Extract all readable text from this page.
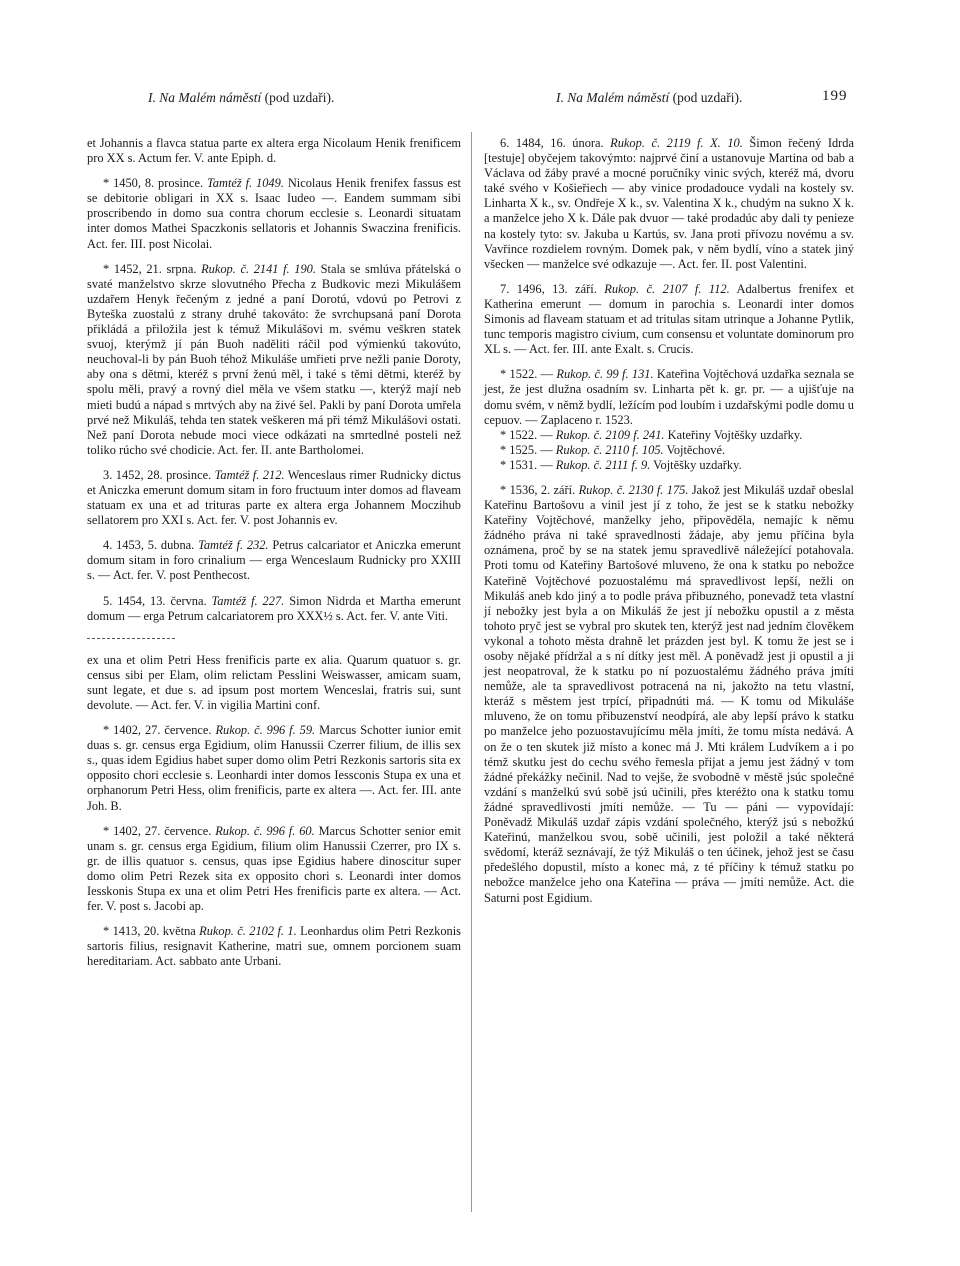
I. Na Malém náměstí (pod uzdaři).	I. Na Malém náměstí (pod uzdaři).	199

et Johannis a flavca statua parte ex altera erga Nicolaum Henik frenificem pro XX s. Actum fer. V. ante Epiph. d.

* 1450, 8. prosince. Tamtéž f. 1049. Nicolaus Henik frenifex fassus est se debitorie obligari in XX s. Isaac Iudeo —. Eandem summam sibi proscribendo in domo sua contra chorum ecclesie s. Leonardi situatam inter domos Mathei Spaczkonis sellatoris et Johannis Swaczina frenificis. Act. fer. III. post Nicolai.

* 1452, 21. srpna. Rukop. č. 2141 f. 190. Stala se smlúva přátelská o svaté manželstvo skrze slovutného Přecha z Budkovic mezi Mikulášem uzdařem Henyk řečeným z jedné a paní Dorotú, vdovú po Petrovi z Byteška zuostalú z strany druhé takováto: že svrchupsaná paní Dorota přikládá a přiložila jest k témuž Mikulášovi m. svému veškren statek svuoj, kterýmž jí pán Buoh naděliti ráčil pod výmienkú takovúto, neuchoval-li by pán Buoh téhož Mikuláše umřieti prve nežli panie Doroty, aby ona s dětmi, kteréž s první ženú měl, i také s těmi dětmi, kteréž by spolu měli, pravý a rovný diel měla ve všem statku —, kterýž mají neb mieti budú a nápad s mrtvých aby na živé šel. Pakli by paní Dorota umřela prvé než Mikuláš, tehda ten statek veškeren má při témž Mikulášovi ostati. Než paní Dorota nebude moci viece odkázati na smrtedlné posteli než toliko rúcho své chodicie. Act. fer. II. ante Bartholomei.

3. 1452, 28. prosince. Tamtéž f. 212. Wenceslaus rimer Rudnicky dictus et Aniczka emerunt domum sitam in foro fructuum inter domos ad flaveam statuam ex una et ad trituras parte ex altera erga Johannem Moczihub sellatorem pro XXI s. Act. fer. V. post Johannis ev.

4. 1453, 5. dubna. Tamtéž f. 232. Petrus calcariator et Aniczka emerunt domum sitam in foro crinalium — erga Wenceslaum Rudnicky pro XXIII s. — Act. fer. V. post Penthecost.

5. 1454, 13. června. Tamtéž f. 227. Simon Nidrda et Martha emerunt domum — erga Petrum calcariatorem pro XXX½ s. Act. fer. V. ante Viti.

ex una et olim Petri Hess frenificis parte ex alia. Quarum quatuor s. gr. census sibi per Elam, olim relictam Pesslini Weiswasser, amicam suam, sunt legate, et due s. ad ipsum post mortem Wenceslai, fratris sui, sunt devolute. — Act. fer. V. in vigilia Martini conf.

* 1402, 27. července. Rukop. č. 996 f. 59. Marcus Schotter iunior emit duas s. gr. census erga Egidium, olim Hanussii Czerrer filium, de illis sex s., quas idem Egidius habet super domo olim Petri Rezkonis sartoris sita ex opposito chori ecclesie s. Leonhardi inter domos Iessconis Stupa ex una et orphanorum Petri Hess, olim frenificis, parte ex altera —. Act. fer. III. ante Joh. B.

* 1402, 27. července. Rukop. č. 996 f. 60. Marcus Schotter senior emit unam s. gr. census erga Egidium, filium olim Hanussii Czerrer, pro IX s. gr. de illis quatuor s. census, quas ipse Egidius habere dinoscitur super domo olim Petri Rezek sita ex opposito chori s. Leonardi inter domos Iesskonis Stupa ex una et olim Petri Hes frenificis parte ex altera. — Act. fer. V. post s. Jacobi ap.

* 1413, 20. května Rukop. č. 2102 f. 1. Leonhardus olim Petri Rezkonis sartoris filius, resignavit Katherine, matri sue, omnem porcionem suam hereditariam. Act. sabbato ante Urbani.

6. 1484, 16. února. Rukop. č. 2119 f. X. 10. Šimon řečený Idrda [testuje] obyčejem takovýmto: najprvé činí a ustanovuje Martina od bab a Václava od žáby pravé a mocné poručníky vinic svých, kteréž má, dvoru také svého v Košieřiech — aby vinice prodadouce vydali na kostely sv. Linharta X k., sv. Ondřeje X k., sv. Valentina X k., chudým na sukno X k. a manželce jeho X k. Dále pak dvuor — také prodadúc aby dali ty penieze na kostely tyto: sv. Jakuba u Kartús, sv. Jana proti přívozu novému a sv. Vavřince rozdielem rovným. Domek pak, v něm bydlí, víno a statek jiný všecken — manželce své odkazuje —. Act. fer. II. post Valentini.

7. 1496, 13. září. Rukop. č. 2107 f. 112. Adalbertus frenifex et Katherina emerunt — domum in parochia s. Leonardi inter domos Simonis ad flaveam statuam et ad tritulas sitam utrinque a Johanne Pytlik, tunc temporis magistro civium, cum consensu et voluntate dominorum pro XL s. — Act. fer. III. ante Exalt. s. Crucis.

* 1522. — Rukop. č. 99 f. 131. Kateřina Vojtěchová uzdařka seznala se jest, že jest dlužna osadním sv. Linharta pět k. gr. pr. — a ujišťuje na domu svém, v němž bydlí, ležícím pod loubím i uzdařskými podle domu u cepuov. — Zaplaceno r. 1523.

* 1522. — Rukop. č. 2109 f. 241. Kateřiny Vojtěšky uzdařky.

* 1525. — Rukop. č. 2110 f. 105. Vojtěchové.

* 1531. — Rukop. č. 2111 f. 9. Vojtěšky uzdařky.

* 1536, 2. září. Rukop. č. 2130 f. 175. Jakož jest Mikuláš uzdař obeslal Kateřinu Bartošovu a vinil jest jí z toho, že jest se k statku nebožky Kateřiny Vojtěchové, manželky jeho, připověděla, nemajíc k němu žádného práva ni také spravedlnosti žádaje, aby jemu příčina byla oznámena, proč by se na statek jemu spravedlivě náležející potahovala. Proti tomu od Kateřiny Bartošové mluveno, že ona k statku po nebožce Kateřině Vojtěchové pozuostalému má spravedlivost lepší, nežli on Mikuláš aneb kdo jiný a to podle práva přibuzného, ponevadž teta vlastní jí nebožky jest byla a on Mikuláš že jest jí nebožku opustil a z města tohoto pryč jest se vybral pro skutek ten, kterýž jest nad jedním člověkem vykonal a tohoto města drahně let prázden jest byl. K tomu že jest se i osoby nějaké přídržal a s ní dítky jest měl. A poněvadž jest ji opustil a ji jest neopatroval, že k statku po ní pozuostalému žádného práva jmíti nemůže, ale ta spravedlivost potracená na ni, jakožto na tetu vlastní, kteráž s městem jest trpící, připadnúti má. — K tomu od Mikuláše mluveno, že on tomu přibuzenství neodpírá, ale aby lepší právo k statku po manželce jeho pozuostavujícímu měla jmíti, že tomu místa nedává. A on že o ten skutek již místo a konec má J. Mti králem Ludvíkem a i po témž skutku jest do cechu svého řemesla přijat a jemu jest žádný v tom žádné překážky nečinil. Nad to vejše, že svobodně v městě jsúc společné vzdání s manželkú svú sobě jsú učinili, přes kteréžto ona k statku tomu žádné spravedlivosti jmíti nemůže. — Tu — páni — vypovídají: Poněvadž Mikuláš uzdař zápis vzdání společného, kterýž jsú s nebožkú Kateřinú, manželkou svou, sobě učinili, jest položil a také některá svědomí, kteráž seznávají, že týž Mikuláš o ten účinek, jehož jest se času předešlého dopustil, místo a konec má, z té příčiny k témuž statku po nebožce manželce jeho ona Kateřina — práva — jmíti nemůže. Act. die Saturni post Egidium.
